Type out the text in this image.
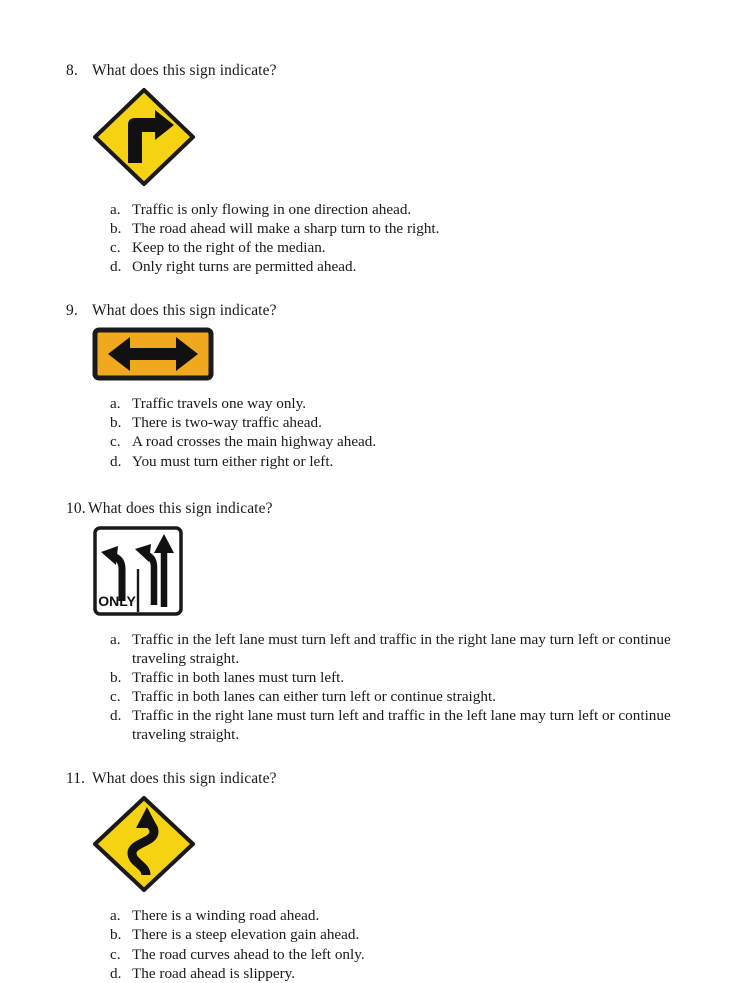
8. What does this sign indicate?
a. Traffic is only flowing in one direction ahead.
b. The road ahead will make a sharp turn to the right.
c. Keep to the right of the median.
d. Only right turns are permitted ahead.
9. What does this sign indicate?
a. Traffic travels one way only.
b. There is two-way traffic ahead.
c. A road crosses the main highway ahead.
d. You must turn either right or left.
10. What does this sign indicate?
ONLY
a. Traffic in the left lane must turn left and traffic in the right lane may turn left or continue traveling straight.
b. Traffic in both lanes must turn left.
c. Traffic in both lanes can either turn left or continue straight.
d. Traffic in the right lane must turn left and traffic in the left lane may turn left or continue traveling straight.
11. What does this sign indicate?
a. There is a winding road ahead.
b. There is a steep elevation gain ahead.
c. The road curves ahead to the left only.
d. The road ahead is slippery.
